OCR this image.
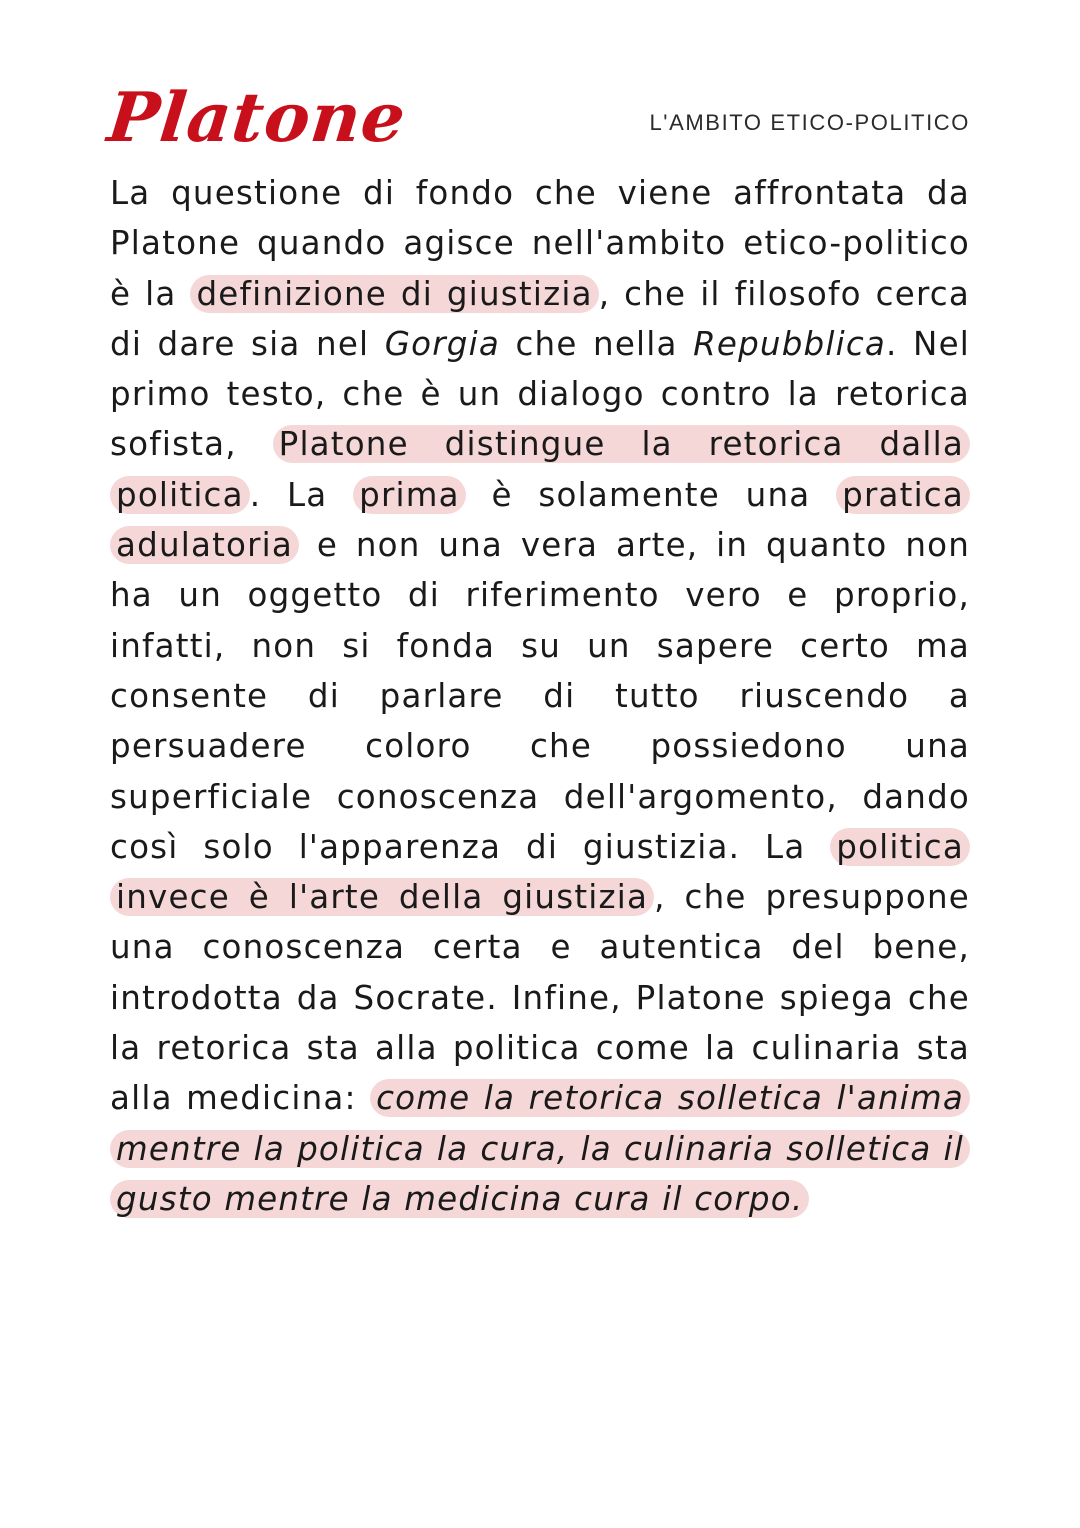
Platone	L'AMBITO ETICO-POLITICO

La questione di fondo che viene affrontata da Platone quando agisce nell'ambito etico-politico è la definizione di giustizia , che il filosofo cerca di dare sia nel Gorgia che nella Repubblica. Nel primo testo, che è un dialogo contro la retorica sofista, Platone distingue la retorica dalla politica . La prima è solamente una pratica adulatoria e non una vera arte, in quanto non ha un oggetto di riferimento vero e proprio, infatti, non si fonda su un sapere certo ma consente di parlare di tutto riuscendo a persuadere coloro che possiedono una superficiale conoscenza dell'argomento, dando così solo l'apparenza di giustizia. La politica invece è l'arte della giustizia , che presuppone una conoscenza certa e autentica del bene, introdotta da Socrate. Infine, Platone spiega che la retorica sta alla politica come la culinaria sta alla medicina: come la retorica solletica l'anima mentre la politica la cura, la culinaria solletica il gusto mentre la medicina cura il corpo.
